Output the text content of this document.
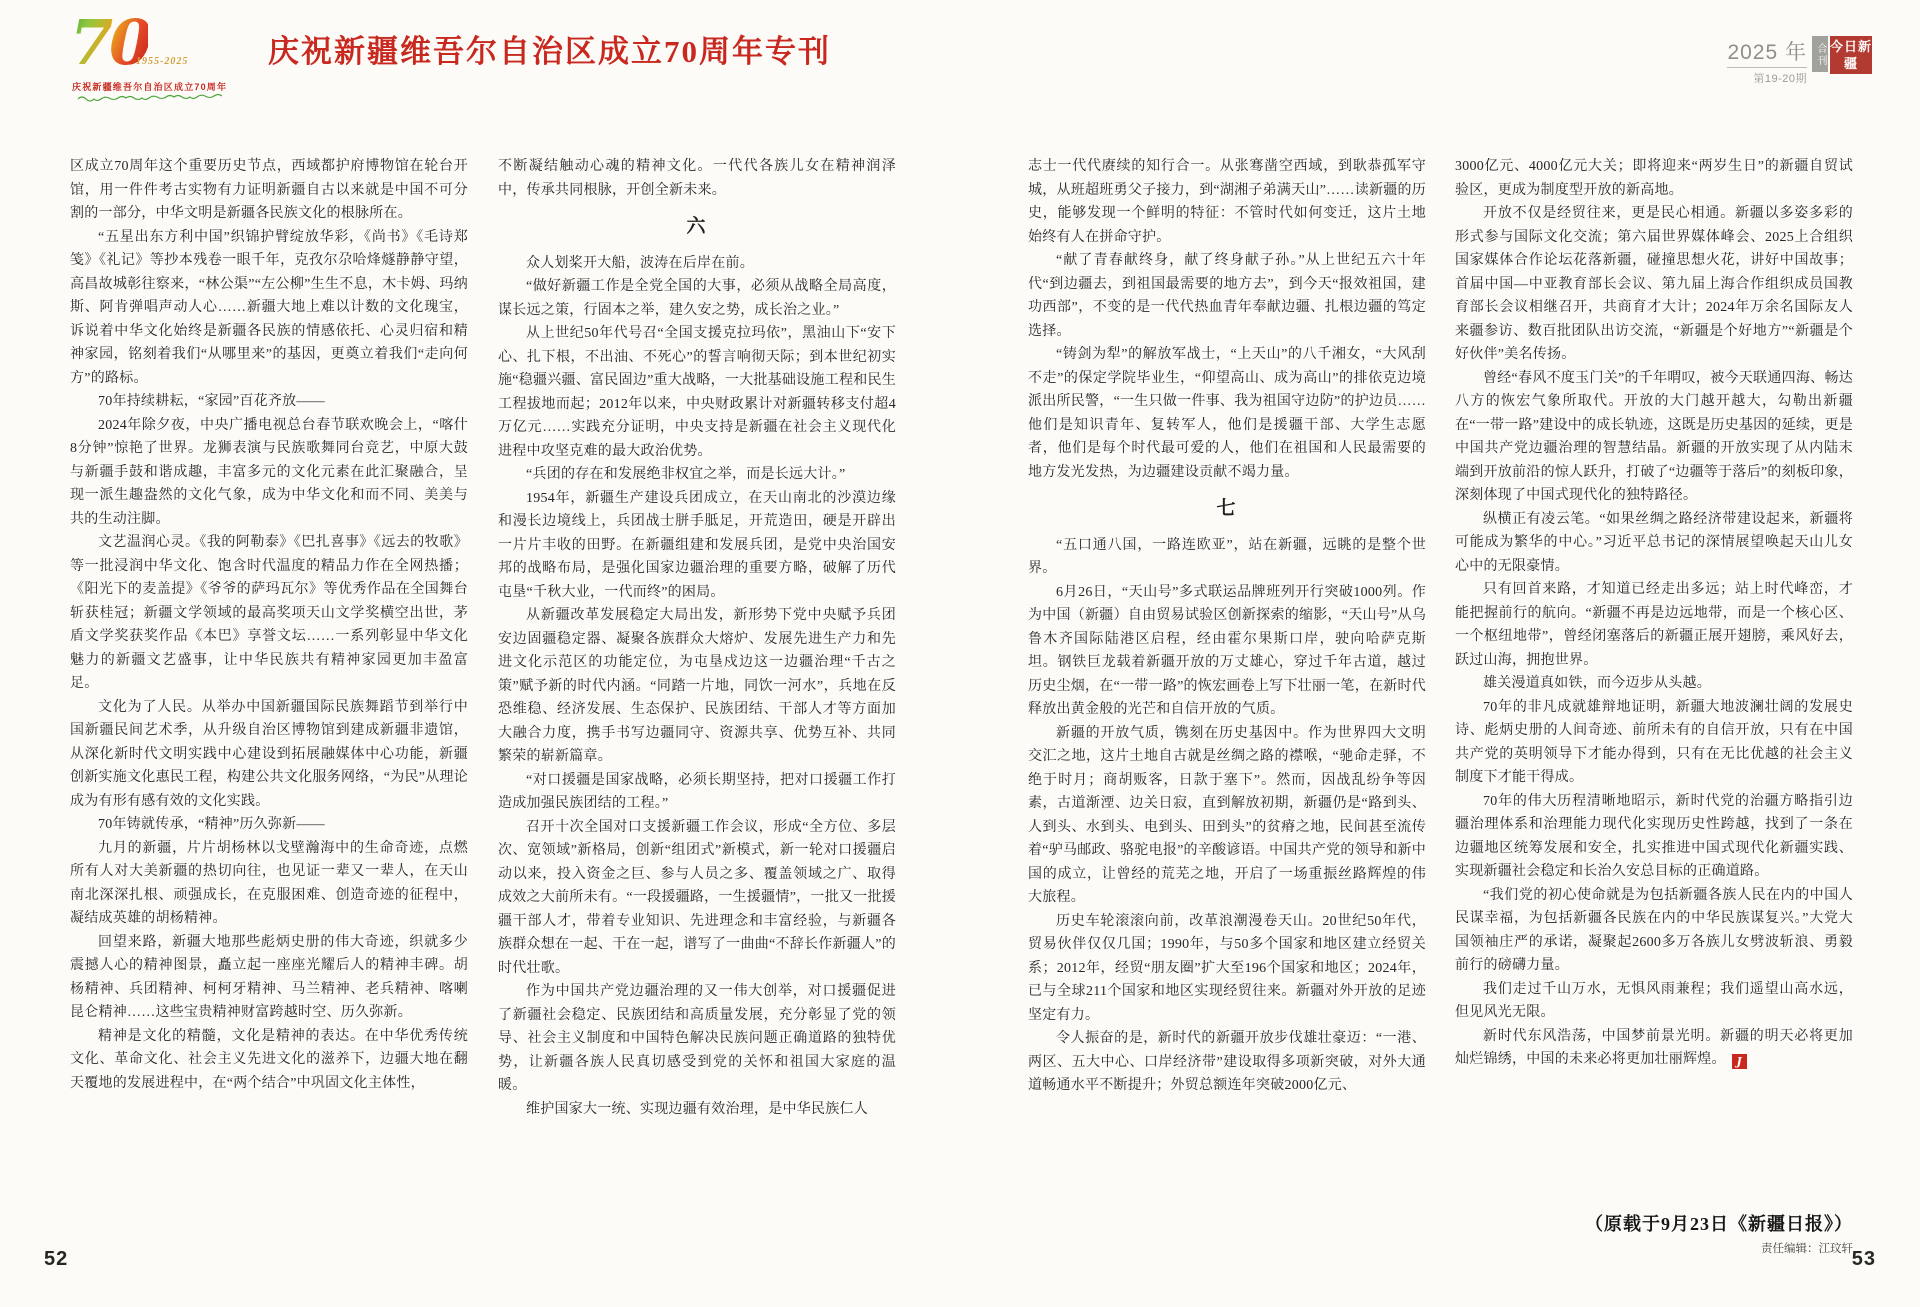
70
1955-2025
庆祝新疆维吾尔自治区成立70周年
庆祝新疆维吾尔自治区成立70周年专刊	2025 年
第19-20期
合刊 今日新疆
区成立70周年这个重要历史节点，西域都护府博物馆在轮台开馆，用一件件考古实物有力证明新疆自古以来就是中国不可分割的一部分，中华文明是新疆各民族文化的根脉所在。
“五星出东方利中国”织锦护臂绽放华彩，《尚书》《毛诗郑笺》《礼记》等抄本残卷一眼千年，克孜尔尕哈烽燧静静守望，高昌故城彰往察来，“林公渠”“左公柳”生生不息，木卡姆、玛纳斯、阿肯弹唱声动人心……新疆大地上难以计数的文化瑰宝，诉说着中华文化始终是新疆各民族的情感依托、心灵归宿和精神家园，铭刻着我们“从哪里来”的基因，更奠立着我们“走向何方”的路标。
70年持续耕耘，“家园”百花齐放——
2024年除夕夜，中央广播电视总台春节联欢晚会上，“喀什8分钟”惊艳了世界。龙狮表演与民族歌舞同台竞艺，中原大鼓与新疆手鼓和谐成趣，丰富多元的文化元素在此汇聚融合，呈现一派生趣盎然的文化气象，成为中华文化和而不同、美美与共的生动注脚。
文艺温润心灵。《我的阿勒泰》《巴扎喜事》《远去的牧歌》等一批浸润中华文化、饱含时代温度的精品力作在全网热播；《阳光下的麦盖提》《爷爷的萨玛瓦尔》等优秀作品在全国舞台斩获桂冠；新疆文学领域的最高奖项天山文学奖横空出世，茅盾文学奖获奖作品《本巴》享誉文坛……一系列彰显中华文化魅力的新疆文艺盛事，让中华民族共有精神家园更加丰盈富足。
文化为了人民。从举办中国新疆国际民族舞蹈节到举行中国新疆民间艺术季，从升级自治区博物馆到建成新疆非遗馆，从深化新时代文明实践中心建设到拓展融媒体中心功能，新疆创新实施文化惠民工程，构建公共文化服务网络，“为民”从理论成为有形有感有效的文化实践。
70年铸就传承，“精神”历久弥新——
九月的新疆，片片胡杨林以戈壁瀚海中的生命奇迹，点燃所有人对大美新疆的热切向往，也见证一辈又一辈人，在天山南北深深扎根、顽强成长，在克服困难、创造奇迹的征程中，凝结成英雄的胡杨精神。
回望来路，新疆大地那些彪炳史册的伟大奇迹，织就多少震撼人心的精神图景，矗立起一座座光耀后人的精神丰碑。胡杨精神、兵团精神、柯柯牙精神、马兰精神、老兵精神、喀喇昆仑精神……这些宝贵精神财富跨越时空、历久弥新。
精神是文化的精髓，文化是精神的表达。在中华优秀传统文化、革命文化、社会主义先进文化的滋养下，边疆大地在翻天覆地的发展进程中，在“两个结合”中巩固文化主体性，
不断凝结触动心魂的精神文化。一代代各族儿女在精神润泽中，传承共同根脉，开创全新未来。
六
众人划桨开大船，波涛在后岸在前。
“做好新疆工作是全党全国的大事，必须从战略全局高度，谋长远之策，行固本之举，建久安之势，成长治之业。”
从上世纪50年代号召“全国支援克拉玛依”，黑油山下“安下心、扎下根，不出油、不死心”的誓言响彻天际；到本世纪初实施“稳疆兴疆、富民固边”重大战略，一大批基础设施工程和民生工程拔地而起；2012年以来，中央财政累计对新疆转移支付超4万亿元……实践充分证明，中央支持是新疆在社会主义现代化进程中攻坚克难的最大政治优势。
“兵团的存在和发展绝非权宜之举，而是长远大计。”
1954年，新疆生产建设兵团成立，在天山南北的沙漠边缘和漫长边境线上，兵团战士胼手胝足，开荒造田，硬是开辟出一片片丰收的田野。在新疆组建和发展兵团，是党中央治国安邦的战略布局，是强化国家边疆治理的重要方略，破解了历代屯垦“千秋大业，一代而终”的困局。
从新疆改革发展稳定大局出发，新形势下党中央赋予兵团安边固疆稳定器、凝聚各族群众大熔炉、发展先进生产力和先进文化示范区的功能定位，为屯垦戍边这一边疆治理“千古之策”赋予新的时代内涵。“同踏一片地，同饮一河水”，兵地在反恐维稳、经济发展、生态保护、民族团结、干部人才等方面加大融合力度，携手书写边疆同守、资源共享、优势互补、共同繁荣的崭新篇章。
“对口援疆是国家战略，必须长期坚持，把对口援疆工作打造成加强民族团结的工程。”
召开十次全国对口支援新疆工作会议，形成“全方位、多层次、宽领域”新格局，创新“组团式”新模式，新一轮对口援疆启动以来，投入资金之巨、参与人员之多、覆盖领域之广、取得成效之大前所未有。“一段援疆路，一生援疆情”，一批又一批援疆干部人才，带着专业知识、先进理念和丰富经验，与新疆各族群众想在一起、干在一起，谱写了一曲曲“不辞长作新疆人”的时代壮歌。
作为中国共产党边疆治理的又一伟大创举，对口援疆促进了新疆社会稳定、民族团结和高质量发展，充分彰显了党的领导、社会主义制度和中国特色解决民族问题正确道路的独特优势，让新疆各族人民真切感受到党的关怀和祖国大家庭的温暖。
维护国家大一统、实现边疆有效治理，是中华民族仁人
志士一代代赓续的知行合一。从张骞凿空西域，到耿恭孤军守城，从班超班勇父子接力，到“湖湘子弟满天山”……读新疆的历史，能够发现一个鲜明的特征：不管时代如何变迁，这片土地始终有人在拼命守护。
“献了青春献终身，献了终身献子孙。”从上世纪五六十年代“到边疆去，到祖国最需要的地方去”，到今天“报效祖国，建功西部”，不变的是一代代热血青年奉献边疆、扎根边疆的笃定选择。
“铸剑为犁”的解放军战士，“上天山”的八千湘女，“大风刮不走”的保定学院毕业生，“仰望高山、成为高山”的排依克边境派出所民警，“一生只做一件事、我为祖国守边防”的护边员……他们是知识青年、复转军人，他们是援疆干部、大学生志愿者，他们是每个时代最可爱的人，他们在祖国和人民最需要的地方发光发热，为边疆建设贡献不竭力量。
七
“五口通八国，一路连欧亚”，站在新疆，远眺的是整个世界。
6月26日，“天山号”多式联运品牌班列开行突破1000列。作为中国（新疆）自由贸易试验区创新探索的缩影，“天山号”从乌鲁木齐国际陆港区启程，经由霍尔果斯口岸，驶向哈萨克斯坦。钢铁巨龙载着新疆开放的万丈雄心，穿过千年古道，越过历史尘烟，在“一带一路”的恢宏画卷上写下壮丽一笔，在新时代释放出黄金般的光芒和自信开放的气质。
新疆的开放气质，镌刻在历史基因中。作为世界四大文明交汇之地，这片土地自古就是丝绸之路的襟喉，“驰命走驿，不绝于时月；商胡贩客，日款于塞下”。然而，因战乱纷争等因素，古道渐湮、边关日寂，直到解放初期，新疆仍是“路到头、人到头、水到头、电到头、田到头”的贫瘠之地，民间甚至流传着“驴马邮政、骆驼电报”的辛酸谚语。中国共产党的领导和新中国的成立，让曾经的荒芜之地，开启了一场重振丝路辉煌的伟大旅程。
历史车轮滚滚向前，改革浪潮漫卷天山。20世纪50年代，贸易伙伴仅仅几国；1990年，与50多个国家和地区建立经贸关系；2012年，经贸“朋友圈”扩大至196个国家和地区；2024年，已与全球211个国家和地区实现经贸往来。新疆对外开放的足迹坚定有力。
令人振奋的是，新时代的新疆开放步伐雄壮豪迈：“一港、两区、五大中心、口岸经济带”建设取得多项新突破，对外大通道畅通水平不断提升；外贸总额连年突破2000亿元、
3000亿元、4000亿元大关；即将迎来“两岁生日”的新疆自贸试验区，更成为制度型开放的新高地。
开放不仅是经贸往来，更是民心相通。新疆以多姿多彩的形式参与国际文化交流；第六届世界媒体峰会、2025上合组织国家媒体合作论坛花落新疆，碰撞思想火花，讲好中国故事；首届中国—中亚教育部长会议、第九届上海合作组织成员国教育部长会议相继召开，共商育才大计；2024年万余名国际友人来疆参访、数百批团队出访交流，“新疆是个好地方”“新疆是个好伙伴”美名传扬。
曾经“春风不度玉门关”的千年喟叹，被今天联通四海、畅达八方的恢宏气象所取代。开放的大门越开越大，勾勒出新疆在“一带一路”建设中的成长轨迹，这既是历史基因的延续，更是中国共产党边疆治理的智慧结晶。新疆的开放实现了从内陆末端到开放前沿的惊人跃升，打破了“边疆等于落后”的刻板印象，深刻体现了中国式现代化的独特路径。
纵横正有凌云笔。“如果丝绸之路经济带建设起来，新疆将可能成为繁华的中心。”习近平总书记的深情展望唤起天山儿女心中的无限豪情。
只有回首来路，才知道已经走出多远；站上时代峰峦，才能把握前行的航向。“新疆不再是边远地带，而是一个核心区、一个枢纽地带”，曾经闭塞落后的新疆正展开翅膀，乘风好去，跃过山海，拥抱世界。
雄关漫道真如铁，而今迈步从头越。
70年的非凡成就雄辩地证明，新疆大地波澜壮阔的发展史诗、彪炳史册的人间奇迹、前所未有的自信开放，只有在中国共产党的英明领导下才能办得到，只有在无比优越的社会主义制度下才能干得成。
70年的伟大历程清晰地昭示，新时代党的治疆方略指引边疆治理体系和治理能力现代化实现历史性跨越，找到了一条在边疆地区统筹发展和安全，扎实推进中国式现代化新疆实践、实现新疆社会稳定和长治久安总目标的正确道路。
“我们党的初心使命就是为包括新疆各族人民在内的中国人民谋幸福，为包括新疆各民族在内的中华民族谋复兴。”大党大国领袖庄严的承诺，凝聚起2600多万各族儿女劈波斩浪、勇毅前行的磅礴力量。
我们走过千山万水，无惧风雨兼程；我们遥望山高水远，但见风光无限。
新时代东风浩荡，中国梦前景光明。新疆的明天必将更加灿烂锦绣，中国的未来必将更加壮丽辉煌。 J
（原载于9月23日《新疆日报》）
责任编辑：江玟轩
52	53
